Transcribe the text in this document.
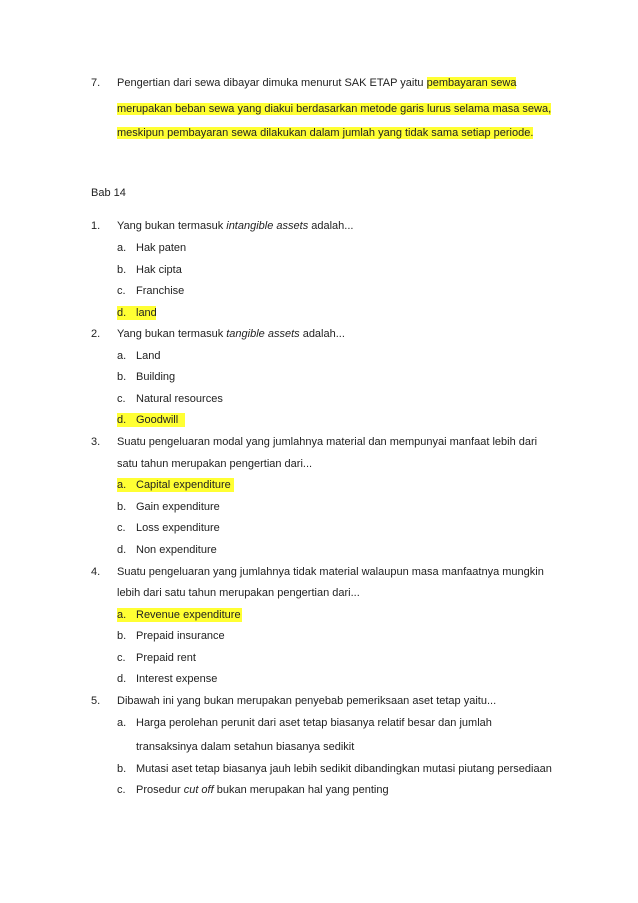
7. Pengertian dari sewa dibayar dimuka menurut SAK ETAP yaitu pembayaran sewa
merupakan beban sewa yang diakui berdasarkan metode garis lurus selama masa sewa,
meskipun pembayaran sewa dilakukan dalam jumlah yang tidak sama setiap periode.
Bab 14
1. Yang bukan termasuk intangible assets adalah...
a. Hak paten
b. Hak cipta
c. Franchise
d. land
2. Yang bukan termasuk tangible assets adalah...
a. Land
b. Building
c. Natural resources
d. Goodwill
3. Suatu pengeluaran modal yang jumlahnya material dan mempunyai manfaat lebih dari
satu tahun merupakan pengertian dari...
a. Capital expenditure
b. Gain expenditure
c. Loss expenditure
d. Non expenditure
4. Suatu pengeluaran yang jumlahnya tidak material walaupun masa manfaatnya mungkin
lebih dari satu tahun merupakan pengertian dari...
a. Revenue expenditure
b. Prepaid insurance
c. Prepaid rent
d. Interest expense
5. Dibawah ini yang bukan merupakan penyebab pemeriksaan aset tetap yaitu...
a. Harga perolehan perunit dari aset tetap biasanya relatif besar dan jumlah
transaksinya dalam setahun biasanya sedikit
b. Mutasi aset tetap biasanya jauh lebih sedikit dibandingkan mutasi piutang persediaan
c. Prosedur cut off bukan merupakan hal yang penting
